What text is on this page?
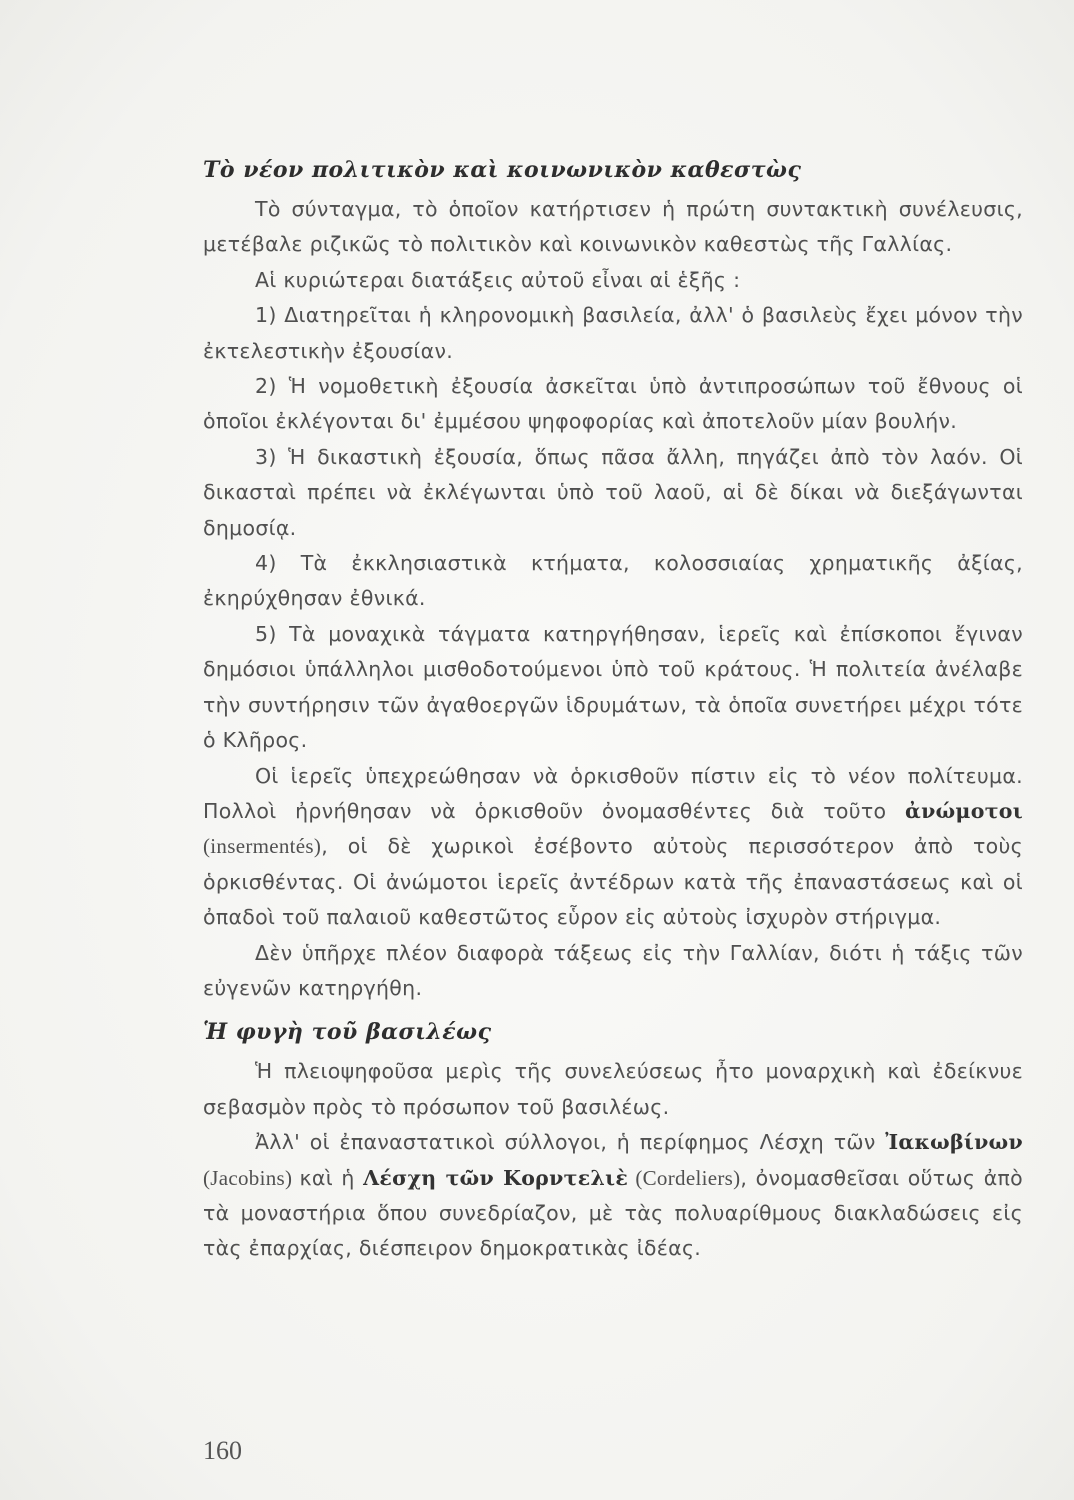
Τὸ νέον πολιτικὸν καὶ κοινωνικὸν καθεστὼς

Τὸ σύνταγμα, τὸ ὁποῖον κατήρτισεν ἡ πρώτη συντακτικὴ συνέλευσις, μετέβαλε ριζικῶς τὸ πολιτικὸν καὶ κοινωνικὸν καθεστὼς τῆς Γαλλίας.

Αἱ κυριώτεραι διατάξεις αὐτοῦ εἶναι αἱ ἑξῆς :

1) Διατηρεῖται ἡ κληρονομικὴ βασιλεία, ἀλλ' ὁ βασιλεὺς ἔχει μόνον τὴν ἐκτελεστικὴν ἐξουσίαν.

2) Ἡ νομοθετικὴ ἐξουσία ἀσκεῖται ὑπὸ ἀντιπροσώπων τοῦ ἔθνους οἱ ὁποῖοι ἐκλέγονται δι' ἐμμέσου ψηφοφορίας καὶ ἀποτελοῦν μίαν βουλήν.

3) Ἡ δικαστικὴ ἐξουσία, ὅπως πᾶσα ἄλλη, πηγάζει ἀπὸ τὸν λαόν. Οἱ δικασταὶ πρέπει νὰ ἐκλέγωνται ὑπὸ τοῦ λαοῦ, αἱ δὲ δίκαι νὰ διεξάγωνται δημοσίᾳ.

4) Τὰ ἐκκλησιαστικὰ κτήματα, κολοσσιαίας χρηματικῆς ἀξίας, ἐκηρύχθησαν ἐθνικά.

5) Τὰ μοναχικὰ τάγματα κατηργήθησαν, ἱερεῖς καὶ ἐπίσκοποι ἔγιναν δημόσιοι ὑπάλληλοι μισθοδοτούμενοι ὑπὸ τοῦ κράτους. Ἡ πολιτεία ἀνέλαβε τὴν συντήρησιν τῶν ἀγαθοεργῶν ἱδρυμάτων, τὰ ὁποῖα συνετήρει μέχρι τότε ὁ Κλῆρος.

Οἱ ἱερεῖς ὑπεχρεώθησαν νὰ ὁρκισθοῦν πίστιν εἰς τὸ νέον πολίτευμα. Πολλοὶ ἠρνήθησαν νὰ ὁρκισθοῦν ὀνομασθέντες διὰ τοῦτο ἀνώμοτοι (insermentés), οἱ δὲ χωρικοὶ ἐσέβοντο αὐτοὺς περισσότερον ἀπὸ τοὺς ὁρκισθέντας. Οἱ ἀνώμοτοι ἱερεῖς ἀντέδρων κατὰ τῆς ἐπαναστάσεως καὶ οἱ ὀπαδοὶ τοῦ παλαιοῦ καθεστῶτος εὗρον εἰς αὐτοὺς ἰσχυρὸν στήριγμα.

Δὲν ὑπῆρχε πλέον διαφορὰ τάξεως εἰς τὴν Γαλλίαν, διότι ἡ τάξις τῶν εὐγενῶν κατηργήθη.

Ἡ φυγὴ τοῦ βασιλέως

Ἡ πλειοψηφοῦσα μερὶς τῆς συνελεύσεως ἦτο μοναρχικὴ καὶ ἐδείκνυε σεβασμὸν πρὸς τὸ πρόσωπον τοῦ βασιλέως.

Ἀλλ' οἱ ἐπαναστατικοὶ σύλλογοι, ἡ περίφημος Λέσχη τῶν Ἰακωβίνων (Jacobins) καὶ ἡ Λέσχη τῶν Κορντελιὲ (Cordeliers), ὀνομασθεῖσαι οὕτως ἀπὸ τὰ μοναστήρια ὅπου συνεδρίαζον, μὲ τὰς πολυαρίθμους διακλαδώσεις εἰς τὰς ἐπαρχίας, διέσπειρον δημοκρατικὰς ἰδέας.

160
